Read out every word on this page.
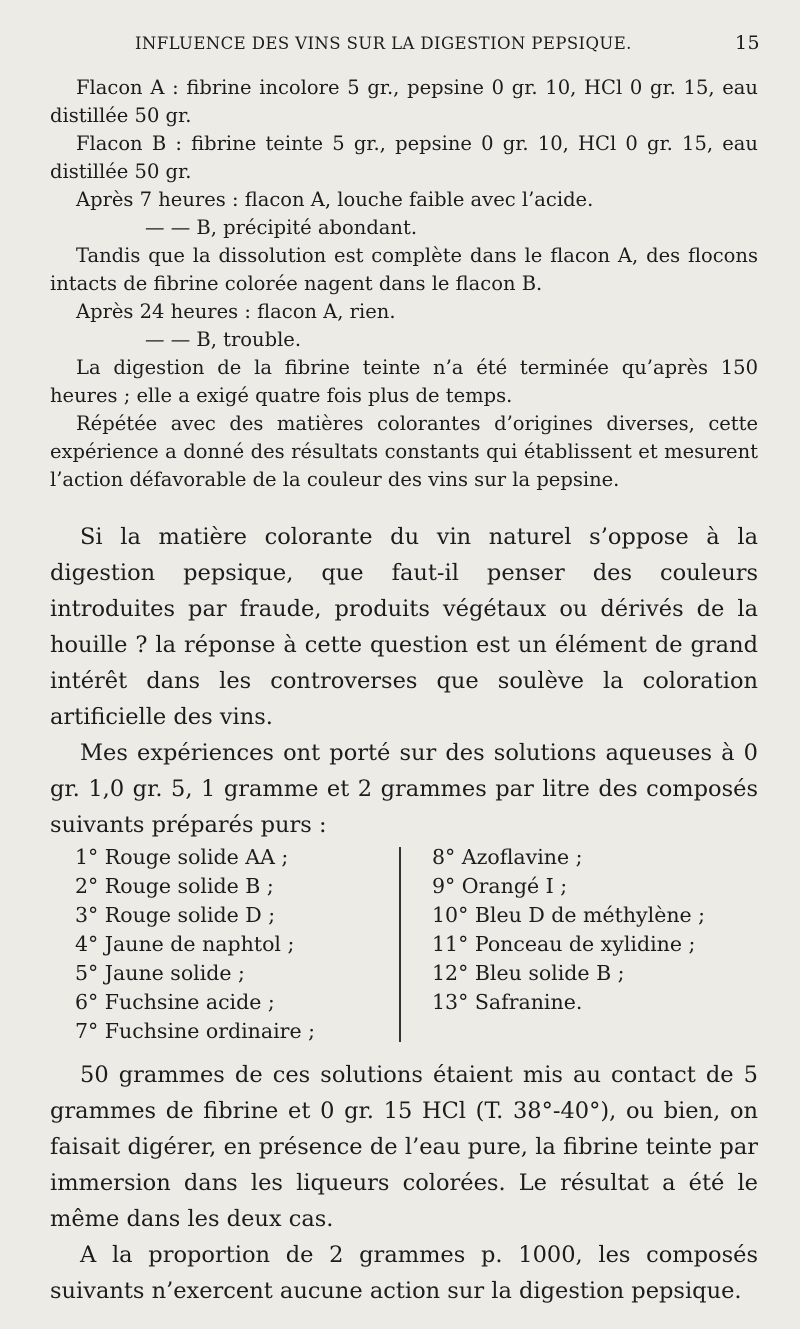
INFLUENCE DES VINS SUR LA DIGESTION PEPSIQUE.	15

Flacon A : fibrine incolore 5 gr., pepsine 0 gr. 10, HCl 0 gr. 15, eau distillée 50 gr.

Flacon B : fibrine teinte 5 gr., pepsine 0 gr. 10, HCl 0 gr. 15, eau distillée 50 gr.

Après 7 heures : flacon A, louche faible avec l’acide.

— — B, précipité abondant.

Tandis que la dissolution est complète dans le flacon A, des flocons intacts de fibrine colorée nagent dans le flacon B.

Après 24 heures : flacon A, rien.

— — B, trouble.

La digestion de la fibrine teinte n’a été terminée qu’après 150 heures ; elle a exigé quatre fois plus de temps.

Répétée avec des matières colorantes d’origines diverses, cette expérience a donné des résultats constants qui établissent et mesurent l’action défavorable de la couleur des vins sur la pepsine.

Si la matière colorante du vin naturel s’oppose à la digestion pepsique, que faut-il penser des couleurs introduites par fraude, produits végétaux ou dérivés de la houille ? la réponse à cette question est un élément de grand intérêt dans les controverses que soulève la coloration artificielle des vins.

Mes expériences ont porté sur des solutions aqueuses à 0 gr. 1,0 gr. 5, 1 gramme et 2 grammes par litre des composés suivants préparés purs :

1° Rouge solide AA ;
2° Rouge solide B ;
3° Rouge solide D ;
4° Jaune de naphtol ;
5° Jaune solide ;
6° Fuchsine acide ;
7° Fuchsine ordinaire ;
8° Azoflavine ;
9° Orangé I ;
10° Bleu D de méthylène ;
11° Ponceau de xylidine ;
12° Bleu solide B ;
13° Safranine.

50 grammes de ces solutions étaient mis au contact de 5 grammes de fibrine et 0 gr. 15 HCl (T. 38°-40°), ou bien, on faisait digérer, en présence de l’eau pure, la fibrine teinte par immersion dans les liqueurs colorées. Le résultat a été le même dans les deux cas.

A la proportion de 2 grammes p. 1000, les composés suivants n’exercent aucune action sur la digestion pepsique.
